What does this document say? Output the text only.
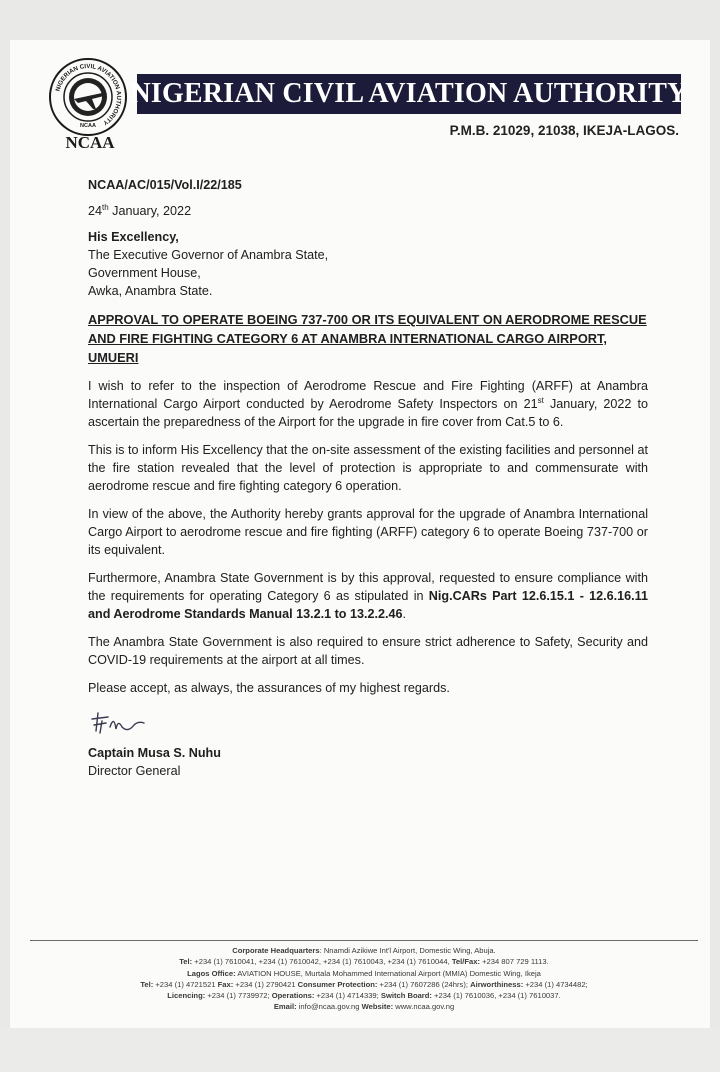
NIGERIAN CIVIL AVIATION AUTHORITY
NCAA
NCAA
NIGERIAN CIVIL AVIATION AUTHORITY
P.M.B. 21029, 21038, IKEJA-LAGOS.
NCAA/AC/015/Vol.I/22/185
24th January, 2022
His Excellency,
The Executive Governor of Anambra State,
Government House,
Awka, Anambra State.
APPROVAL TO OPERATE BOEING 737-700 OR ITS EQUIVALENT ON AERODROME RESCUE AND FIRE FIGHTING CATEGORY 6 AT ANAMBRA INTERNATIONAL CARGO AIRPORT, UMUERI
I wish to refer to the inspection of Aerodrome Rescue and Fire Fighting (ARFF) at Anambra International Cargo Airport conducted by Aerodrome Safety Inspectors on 21st January, 2022 to ascertain the preparedness of the Airport for the upgrade in fire cover from Cat.5 to 6.
This is to inform His Excellency that the on-site assessment of the existing facilities and personnel at the fire station revealed that the level of protection is appropriate to and commensurate with aerodrome rescue and fire fighting category 6 operation.
In view of the above, the Authority hereby grants approval for the upgrade of Anambra International Cargo Airport to aerodrome rescue and fire fighting (ARFF) category 6 to operate Boeing 737-700 or its equivalent.
Furthermore, Anambra State Government is by this approval, requested to ensure compliance with the requirements for operating Category 6 as stipulated in Nig.CARs Part 12.6.15.1 - 12.6.16.11 and Aerodrome Standards Manual 13.2.1 to 13.2.2.46.
The Anambra State Government is also required to ensure strict adherence to Safety, Security and COVID-19 requirements at the airport at all times.
Please accept, as always, the assurances of my highest regards.
Captain Musa S. Nuhu
Director General
Corporate Headquarters: Nnamdi Azikiwe Int'l Airport, Domestic Wing, Abuja.
Tel: +234 (1) 7610041, +234 (1) 7610042, +234 (1) 7610043, +234 (1) 7610044, Tel/Fax: +234 807 729 1113.
Lagos Office: AVIATION HOUSE, Murtala Mohammed International Airport (MMIA) Domestic Wing, Ikeja
Tel: +234 (1) 4721521 Fax: +234 (1) 2790421 Consumer Protection: +234 (1) 7607286 (24hrs); Airworthiness: +234 (1) 4734482;
Licencing: +234 (1) 7739972; Operations: +234 (1) 4714339; Switch Board: +234 (1) 7610036, +234 (1) 7610037.
Email: info@ncaa.gov.ng Website: www.ncaa.gov.ng
